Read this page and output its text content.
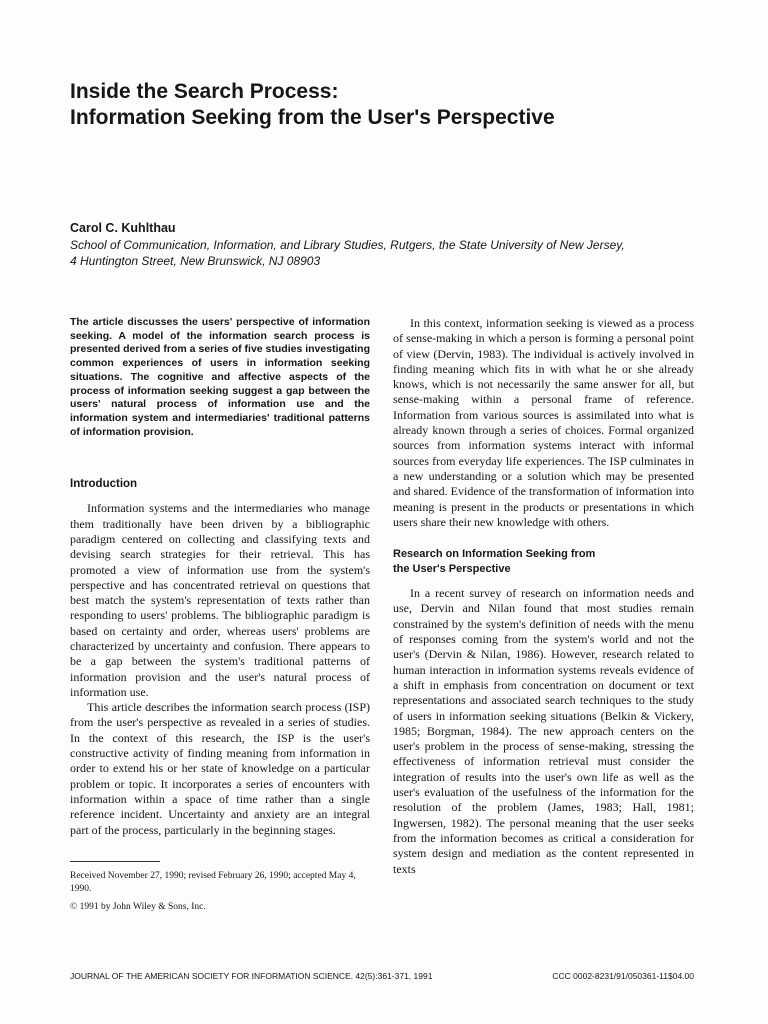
Inside the Search Process:
Information Seeking from the User's Perspective

Carol C. Kuhlthau

School of Communication, Information, and Library Studies, Rutgers, the State University of New Jersey,
4 Huntington Street, New Brunswick, NJ 08903

The article discusses the users' perspective of information seeking. A model of the information search process is presented derived from a series of five studies investigating common experiences of users in information seeking situations. The cognitive and affective aspects of the process of information seeking suggest a gap between the users' natural process of information use and the information system and intermediaries' traditional patterns of information provision.

Introduction

Information systems and the intermediaries who manage them traditionally have been driven by a bibliographic paradigm centered on collecting and classifying texts and devising search strategies for their retrieval. This has promoted a view of information use from the system's perspective and has concentrated retrieval on questions that best match the system's representation of texts rather than responding to users' problems. The bibliographic paradigm is based on certainty and order, whereas users' problems are characterized by uncertainty and confusion. There appears to be a gap between the system's traditional patterns of information provision and the user's natural process of information use.

This article describes the information search process (ISP) from the user's perspective as revealed in a series of studies. In the context of this research, the ISP is the user's constructive activity of finding meaning from information in order to extend his or her state of knowledge on a particular problem or topic. It incorporates a series of encounters with information within a space of time rather than a single reference incident. Uncertainty and anxiety are an integral part of the process, particularly in the beginning stages.

Received November 27, 1990; revised February 26, 1990; accepted May 4, 1990.

© 1991 by John Wiley & Sons, Inc.

In this context, information seeking is viewed as a process of sense-making in which a person is forming a personal point of view (Dervin, 1983). The individual is actively involved in finding meaning which fits in with what he or she already knows, which is not necessarily the same answer for all, but sense-making within a personal frame of reference. Information from various sources is assimilated into what is already known through a series of choices. Formal organized sources from information systems interact with informal sources from everyday life experiences. The ISP culminates in a new understanding or a solution which may be presented and shared. Evidence of the transformation of information into meaning is present in the products or presentations in which users share their new knowledge with others.

Research on Information Seeking from
the User's Perspective

In a recent survey of research on information needs and use, Dervin and Nilan found that most studies remain constrained by the system's definition of needs with the menu of responses coming from the system's world and not the user's (Dervin & Nilan, 1986). However, research related to human interaction in information systems reveals evidence of a shift in emphasis from concentration on document or text representations and associated search techniques to the study of users in information seeking situations (Belkin & Vickery, 1985; Borgman, 1984). The new approach centers on the user's problem in the process of sense-making, stressing the effectiveness of information retrieval must consider the integration of results into the user's own life as well as the user's evaluation of the usefulness of the information for the resolution of the problem (James, 1983; Hall, 1981; Ingwersen, 1982). The personal meaning that the user seeks from the information becomes as critical a consideration for system design and mediation as the content represented in texts

JOURNAL OF THE AMERICAN SOCIETY FOR INFORMATION SCIENCE. 42(5):361-371, 1991	CCC 0002-8231/91/050361-11$04.00
